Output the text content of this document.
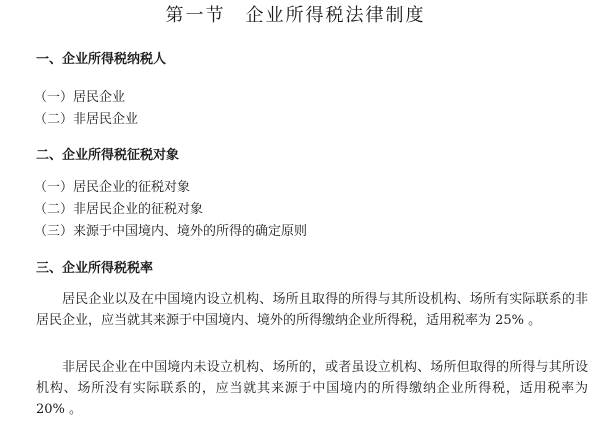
第一节　企业所得税法律制度
一、企业所得税纳税人
（一）居民企业
（二）非居民企业
二、企业所得税征税对象
（一）居民企业的征税对象
（二）非居民企业的征税对象
（三）来源于中国境内、境外的所得的确定原则
三、企业所得税税率

居民企业以及在中国境内设立机构、场所且取得的所得与其所设机构、场所有实际联系的非居民企业，应当就其来源于中国境内、境外的所得缴纳企业所得税，适用税率为 25% 。

非居民企业在中国境内未设立机构、场所的，或者虽设立机构、场所但取得的所得与其所设机构、场所没有实际联系的，应当就其来源于中国境内的所得缴纳企业所得税，适用税率为 20% 。
